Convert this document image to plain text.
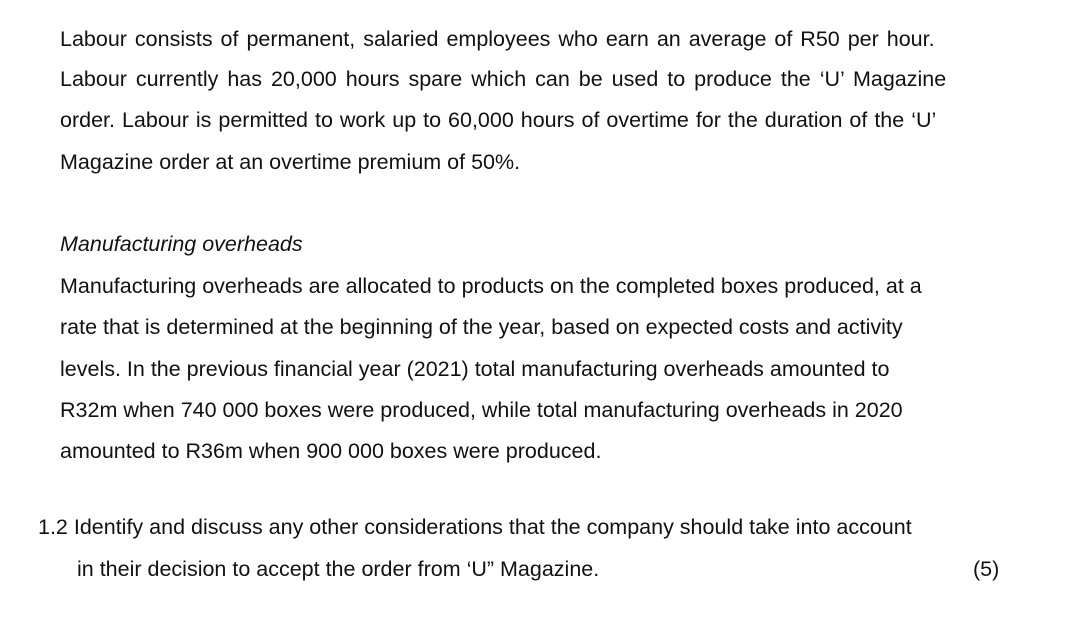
Labour consists of permanent, salaried employees who earn an average of R50 per hour.
Labour currently has 20,000 hours spare which can be used to produce the ‘U’ Magazine
order. Labour is permitted to work up to 60,000 hours of overtime for the duration of the ‘U’
Magazine order at an overtime premium of 50%.
Manufacturing overheads
Manufacturing overheads are allocated to products on the completed boxes produced, at a
rate that is determined at the beginning of the year, based on expected costs and activity
levels. In the previous financial year (2021) total manufacturing overheads amounted to
R32m when 740 000 boxes were produced, while total manufacturing overheads in 2020
amounted to R36m when 900 000 boxes were produced.
1.2 Identify and discuss any other considerations that the company should take into account
in their decision to accept the order from ‘U” Magazine.	(5)
